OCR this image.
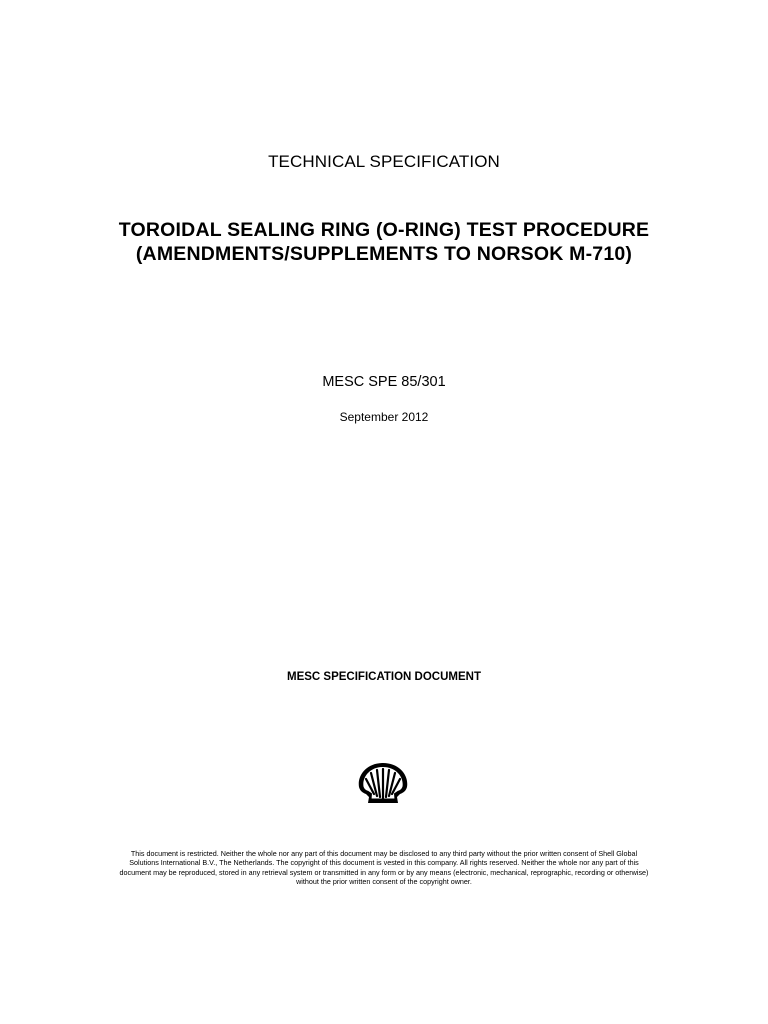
TECHNICAL SPECIFICATION
TOROIDAL SEALING RING (O-RING) TEST PROCEDURE
(AMENDMENTS/SUPPLEMENTS TO NORSOK M-710)
MESC SPE 85/301
September 2012
MESC SPECIFICATION DOCUMENT
This document is restricted. Neither the whole nor any part of this document may be disclosed to any third party without the prior written consent of Shell Global
Solutions International B.V., The Netherlands. The copyright of this document is vested in this company. All rights reserved. Neither the whole nor any part of this
document may be reproduced, stored in any retrieval system or transmitted in any form or by any means (electronic, mechanical, reprographic, recording or otherwise)
without the prior written consent of the copyright owner.
